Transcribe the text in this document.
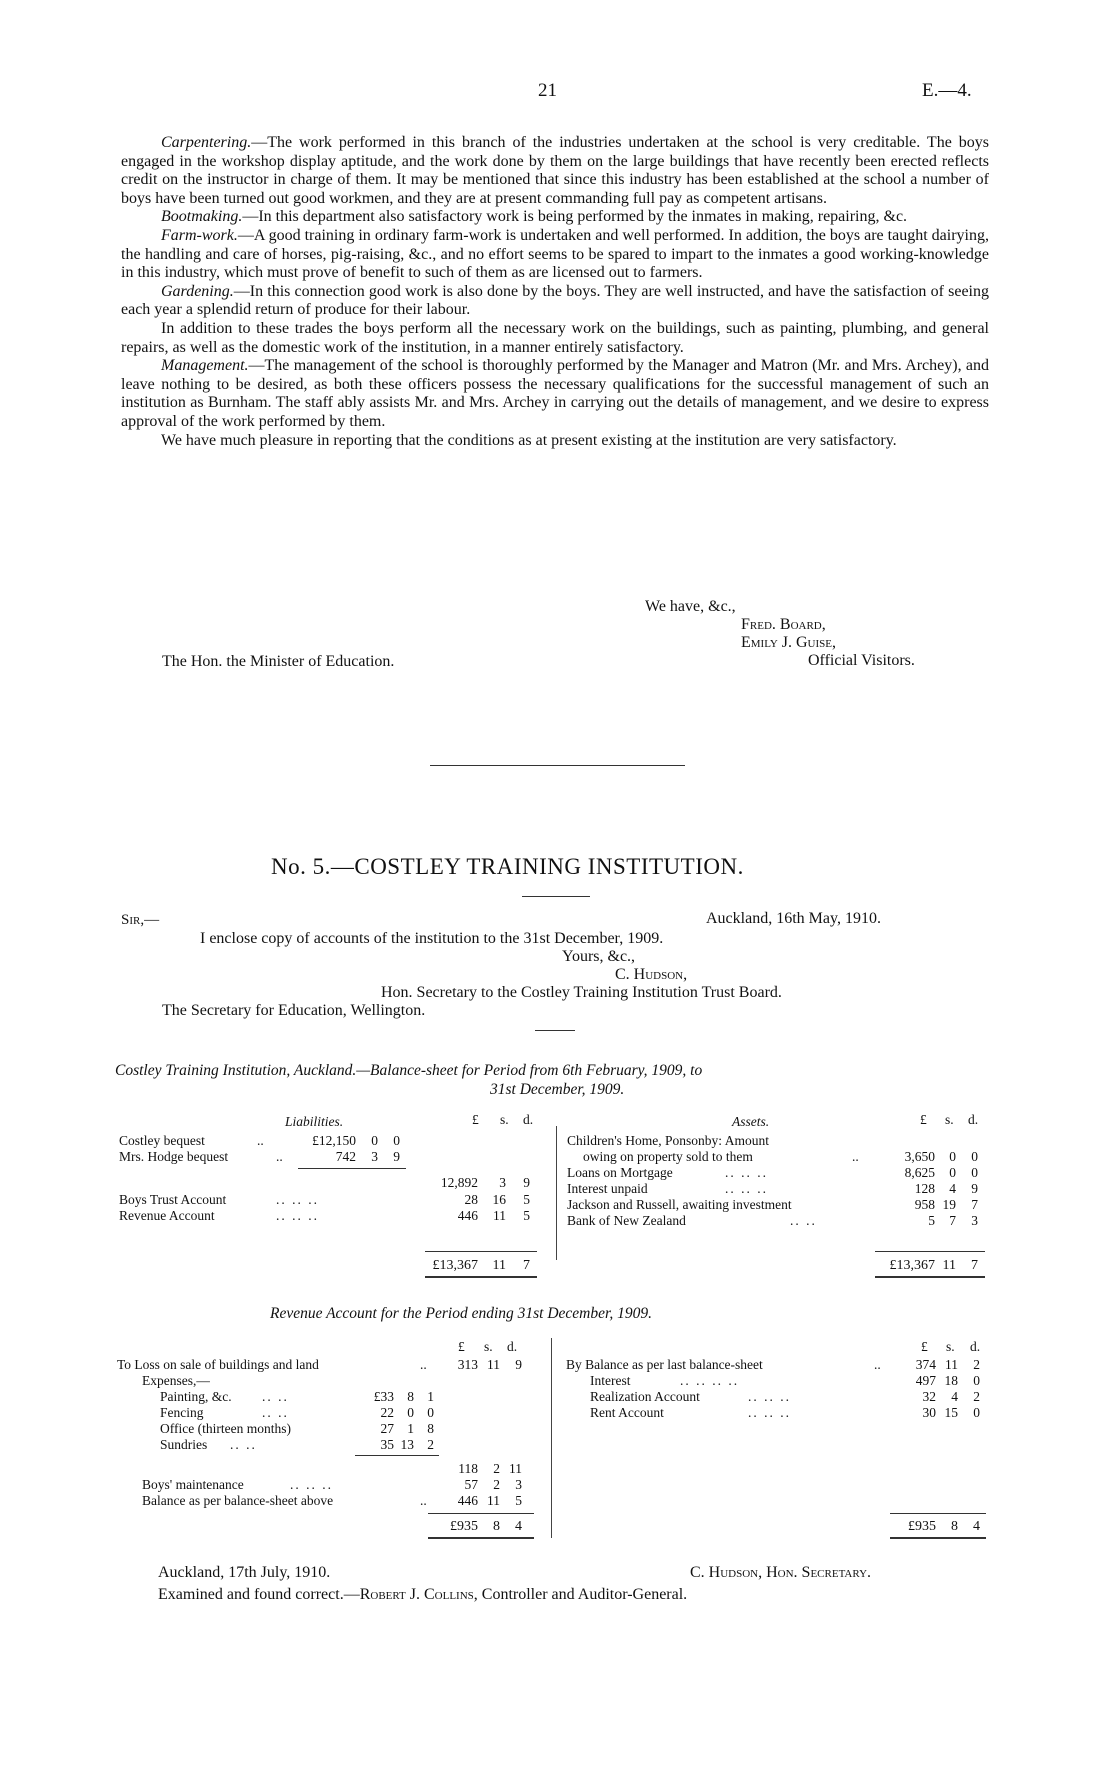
21	E.—4.

Carpentering.—The work performed in this branch of the industries undertaken at the school is very creditable. The boys engaged in the workshop display aptitude, and the work done by them on the large buildings that have recently been erected reflects credit on the instructor in charge of them. It may be mentioned that since this industry has been established at the school a number of boys have been turned out good workmen, and they are at present commanding full pay as competent artisans.

Bootmaking.—In this department also satisfactory work is being performed by the inmates in making, repairing, &c.

Farm-work.—A good training in ordinary farm-work is undertaken and well performed. In addition, the boys are taught dairying, the handling and care of horses, pig-raising, &c., and no effort seems to be spared to impart to the inmates a good working-knowledge in this industry, which must prove of benefit to such of them as are licensed out to farmers.

Gardening.—In this connection good work is also done by the boys. They are well instructed, and have the satisfaction of seeing each year a splendid return of produce for their labour.

In addition to these trades the boys perform all the necessary work on the buildings, such as painting, plumbing, and general repairs, as well as the domestic work of the institution, in a manner entirely satisfactory.

Management.—The management of the school is thoroughly performed by the Manager and Matron (Mr. and Mrs. Archey), and leave nothing to be desired, as both these officers possess the necessary qualifications for the successful management of such an institution as Burnham. The staff ably assists Mr. and Mrs. Archey in carrying out the details of management, and we desire to express approval of the work performed by them.

We have much pleasure in reporting that the conditions as at present existing at the institution are very satisfactory.

We have, &c.,
Fred. Board,
Emily J. Guise,
Official Visitors.
The Hon. the Minister of Education.
No. 5.—COSTLEY TRAINING INSTITUTION.
Sir,—	Auckland, 16th May, 1910.
I enclose copy of accounts of the institution to the 31st December, 1909.
Yours, &c.,
C. Hudson,
Hon. Secretary to the Costley Training Institution Trust Board.
The Secretary for Education, Wellington.
Costley Training Institution, Auckland.—Balance-sheet for Period from 6th February, 1909, to
31st December, 1909.
Liabilities.	£ s. d.	Assets.	£ s. d.
Costley bequest	..	£12,150	0	0
Mrs. Hodge bequest	..	742	3	9
12,892	3	9
Boys Trust Account	.. .. ..	28 16	5
Revenue Account	.. .. ..	446 11	5
£13,367 11	7
Children's Home, Ponsonby: Amount
owing on property sold to them	..	3,650	0	0
Loans on Mortgage	.. .. ..	8,625	0	0
Interest unpaid	.. .. ..	128	4	9
Jackson and Russell, awaiting investment	958 19	7
Bank of New Zealand	.. ..	5	7	3
£13,367 11	7
Revenue Account for the Period ending 31st December, 1909.
£ s. d.	£ s. d.
To Loss on sale of buildings and land	..	313 11	9
Expenses,—
Painting, &c. .. ..	£33 8 1
Fencing	.. ..	22 0 0
Office (thirteen months)	27 1 8
Sundries .. ..	35 13 2
118	2 11
Boys' maintenance	.. .. ..	57	2	3
Balance as per balance-sheet above	..	446 11	5
£935	8	4
By Balance as per last balance-sheet	..	374 11	2
Interest	.. .. .. ..	497 18	0
Realization Account	.. .. ..	32	4	2
Rent Account	.. .. ..	30 15	0
£935	8	4
Auckland, 17th July, 1910.	C. Hudson, Hon. Secretary.
Examined and found correct.—Robert J. Collins, Controller and Auditor-General.
